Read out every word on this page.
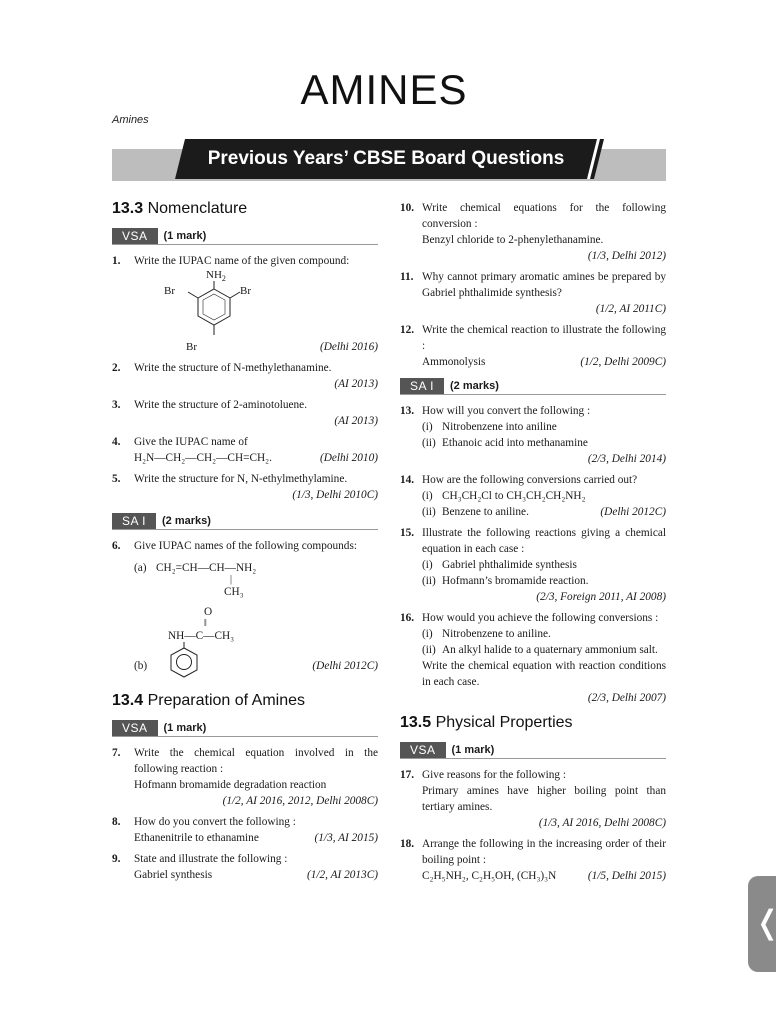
AMINES
Amines
Previous Years’ CBSE Board Questions
13.3 Nomenclature
VSA	(1 mark)
1.	Write the IUPAC name of the given compound:
$NH_2$
Br	Br
Br	(Delhi 2016)
2.	Write the structure of N-methylethanamine.
(AI 2013)
3.	Write the structure of 2-aminotoluene.
(AI 2013)
4.	Give the IUPAC name of
H₂N—CH₂—CH₂—CH=CH₂.	(Delhi 2010)
5.	Write the structure for N, N-ethylmethylamine.
(1/3, Delhi 2010C)
SA I	(2 marks)
6.	Give IUPAC names of the following compounds:
(a) CH₂=CH—CH—NH₂
|
CH₃
O
‖
NH—C—CH₃
(b)	(Delhi 2012C)
13.4 Preparation of Amines
VSA	(1 mark)
7.	Write the chemical equation involved in the following reaction :
Hofmann bromamide degradation reaction
(1/2, AI 2016, 2012, Delhi 2008C)
8.	How do you convert the following :
Ethanenitrile to ethanamine	(1/3, AI 2015)
9.	State and illustrate the following :
Gabriel synthesis	(1/2, AI 2013C)
10. Write chemical equations for the following conversion :
Benzyl chloride to 2-phenylethanamine.
(1/3, Delhi 2012)
11. Why cannot primary aromatic amines be prepared by Gabriel phthalimide synthesis?
(1/2, AI 2011C)
12. Write the chemical reaction to illustrate the following :
Ammonolysis	(1/2, Delhi 2009C)
SA I	(2 marks)
13. How will you convert the following :
(i) Nitrobenzene into aniline
(ii) Ethanoic acid into methanamine
(2/3, Delhi 2014)
14. How are the following conversions carried out?
(i) CH₃CH₂Cl to CH₃CH₂CH₂NH₂
(ii) Benzene to aniline.	(Delhi 2012C)
15. Illustrate the following reactions giving a chemical equation in each case :
(i) Gabriel phthalimide synthesis
(ii) Hofmann’s bromamide reaction.
(2/3, Foreign 2011, AI 2008)
16. How would you achieve the following conversions :
(i) Nitrobenzene to aniline.
(ii) An alkyl halide to a quaternary ammonium salt.
Write the chemical equation with reaction conditions in each case.
(2/3, Delhi 2007)
13.5 Physical Properties
VSA	(1 mark)
17. Give reasons for the following :
Primary amines have higher boiling point than tertiary amines.
(1/3, AI 2016, Delhi 2008C)
18. Arrange the following in the increasing order of their boiling point :
C₂H₅NH₂, C₂H₅OH, (CH₃)₃N	(1/5, Delhi 2015)
❬
